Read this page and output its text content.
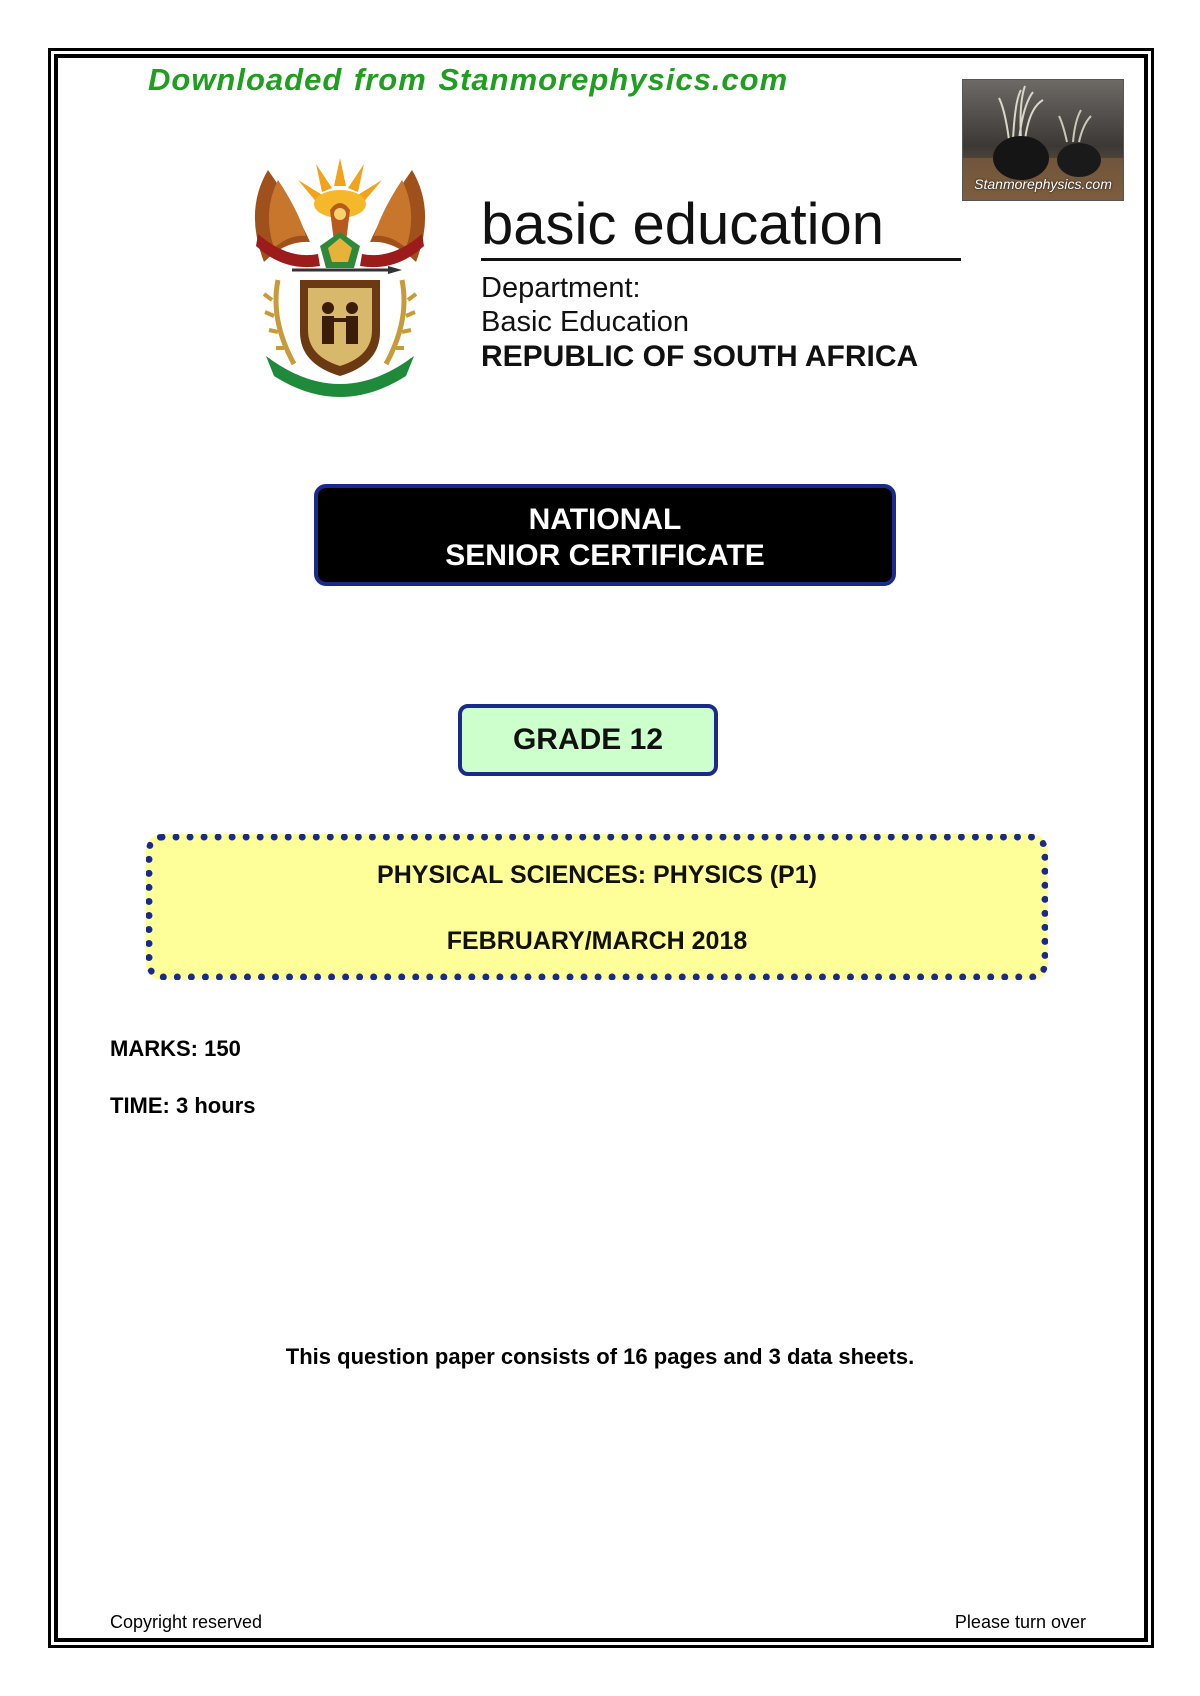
Downloaded from Stanmorephysics.com
Stanmorephysics.com
basic education
Department:
Basic Education
REPUBLIC OF SOUTH AFRICA
NATIONAL
SENIOR CERTIFICATE
GRADE 12
PHYSICAL SCIENCES: PHYSICS (P1)
FEBRUARY/MARCH 2018
MARKS: 150
TIME: 3 hours
This question paper consists of 16 pages and 3 data sheets.
Copyright reserved	Please turn over
